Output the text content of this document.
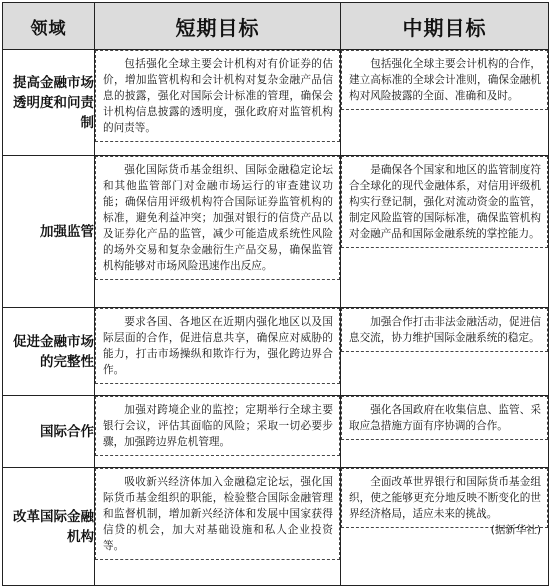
领域	短期目标	中期目标
提高金融市场透明度和问责制	包括强化全球主要会计机构对有价证券的估价，增加监管机构和会计机构对复杂金融产品信息的披露，强化对国际会计标准的管理，确保会计机构信息披露的透明度，强化政府对监管机构的问责等。	包括强化全球主要会计机构的合作，建立高标准的全球会计准则，确保金融机构对风险披露的全面、准确和及时。

加强监管	强化国际货币基金组织、国际金融稳定论坛和其他监管部门对金融市场运行的审查建议功能；确保信用评级机构符合国际证券监管机构的标准，避免利益冲突；加强对银行的信贷产品以及证券化产品的监管，减少可能造成系统性风险的场外交易和复杂金融衍生产品交易，确保监管机构能够对市场风险迅速作出反应。	是确保各个国家和地区的监管制度符合全球化的现代金融体系，对信用评级机构实行登记制，强化对流动资金的监管，制定风险监管的国际标准，确保监管机构对金融产品和国际金融系统的掌控能力。

促进金融市场的完整性	要求各国、各地区在近期内强化地区以及国际层面的合作，促进信息共享，确保应对威胁的能力，打击市场操纵和欺诈行为，强化跨边界合作。	加强合作打击非法金融活动，促进信息交流，协力维护国际金融系统的稳定。

国际合作	加强对跨境企业的监控；定期举行全球主要银行会议，评估其面临的风险；采取一切必要步骤，加强跨边界危机管理。	强化各国政府在收集信息、监管、采取应急措施方面有序协调的合作。

改革国际金融机构	吸收新兴经济体加入金融稳定论坛，强化国际货币基金组织的职能，检验整合国际金融管理和监督机制，增加新兴经济体和发展中国家获得信贷的机会，加大对基础设施和私人企业投资等。	全面改革世界银行和国际货币基金组织，使之能够更充分地反映不断变化的世界经济格局，适应未来的挑战。
(据新华社)
